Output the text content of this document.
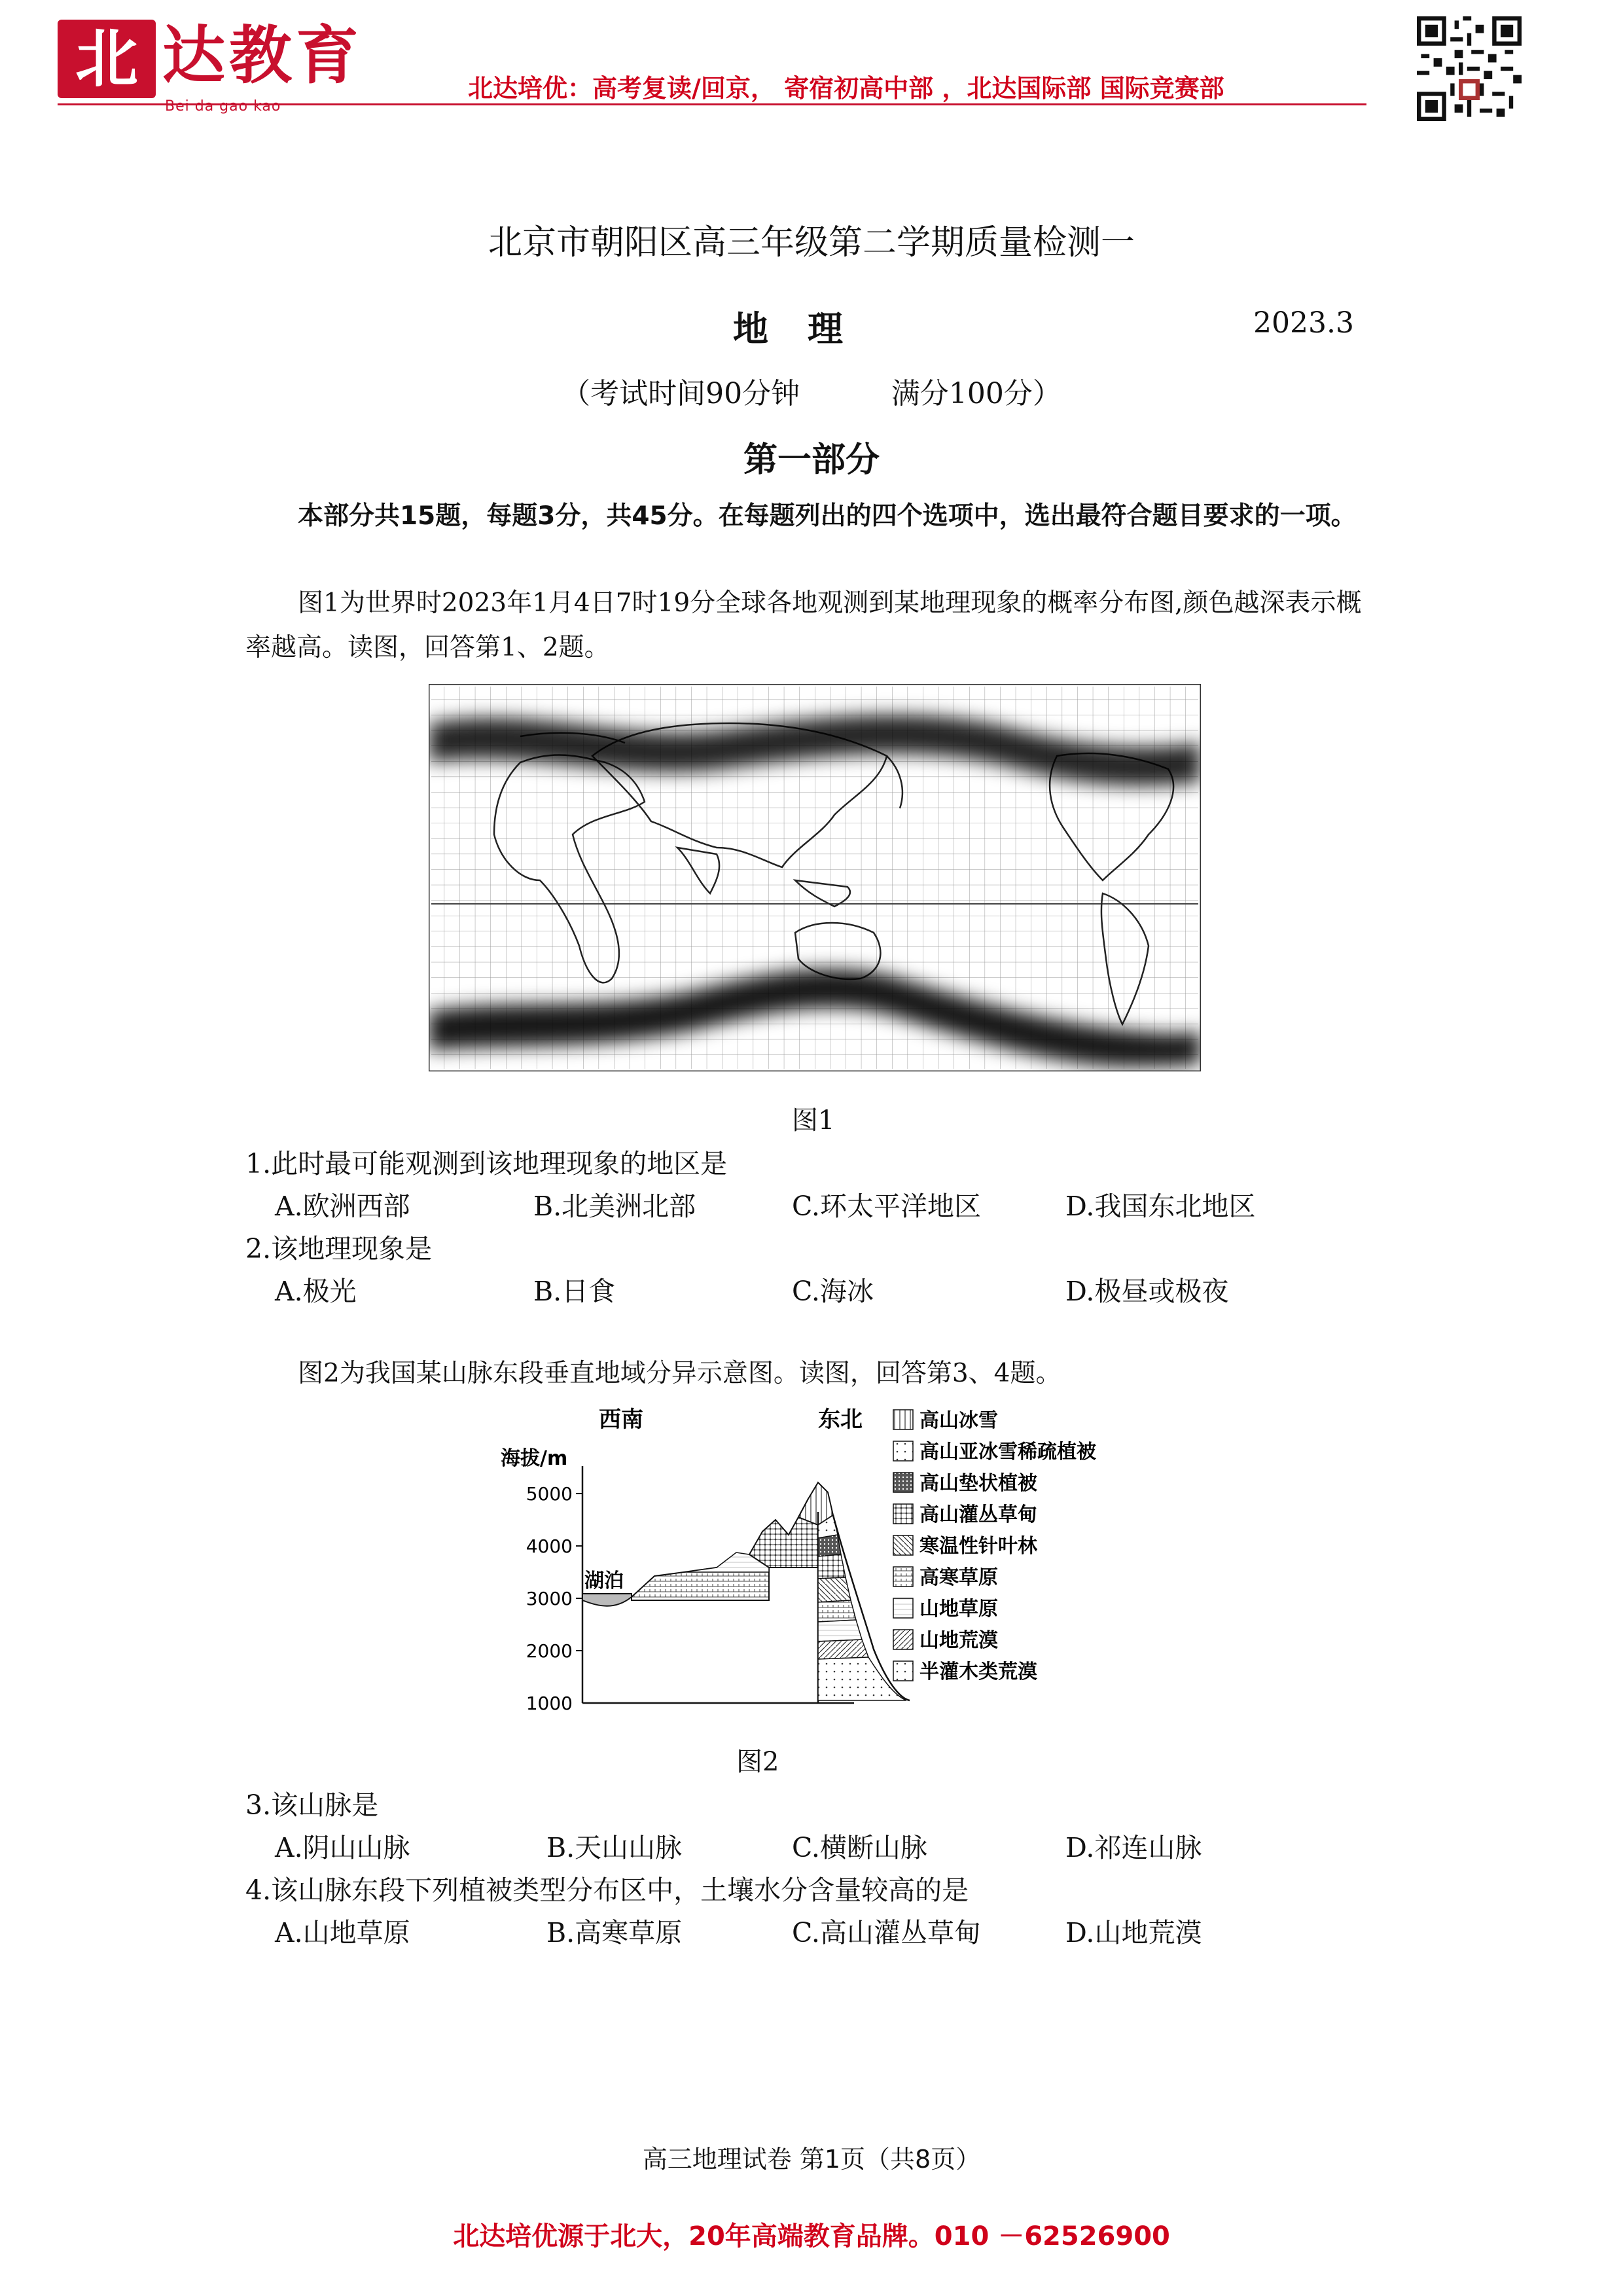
北 达教育
Bei da gao kao
北达培优：高考复读/回京， 寄宿初高中部 ，北达国际部 国际竞赛部
北京市朝阳区高三年级第二学期质量检测一
地理	2023.3
（考试时间90分钟          满分100分）
第一部分
本部分共15题，每题3分，共45分。在每题列出的四个选项中，选出最符合题目要求的一项。
图1为世界时2023年1月4日7时19分全球各地观测到某地理现象的概率分布图,颜色越深表示概率越高。读图，回答第1、2题。
图1
1.此时最可能观测到该地理现象的地区是
A.欧洲西部	B.北美洲北部	C.环太平洋地区	D.我国东北地区
2.该地理现象是
A.极光	B.日食	C.海冰	D.极昼或极夜
图2为我国某山脉东段垂直地域分异示意图。读图，回答第3、4题。
西南	东北
海拔/m
5000
4000
3000
2000
1000
湖泊
高山冰雪
高山亚冰雪稀疏植被
高山垫状植被
高山灌丛草甸
寒温性针叶林
高寒草原
山地草原
山地荒漠
半灌木类荒漠
图2
3.该山脉是
A.阴山山脉	B.天山山脉	C.横断山脉	D.祁连山脉
4.该山脉东段下列植被类型分布区中，土壤水分含量较高的是
A.山地草原	B.高寒草原	C.高山灌丛草甸	D.山地荒漠
高三地理试卷 第1页（共8页）
北达培优源于北大，20年高端教育品牌。010 －62526900
